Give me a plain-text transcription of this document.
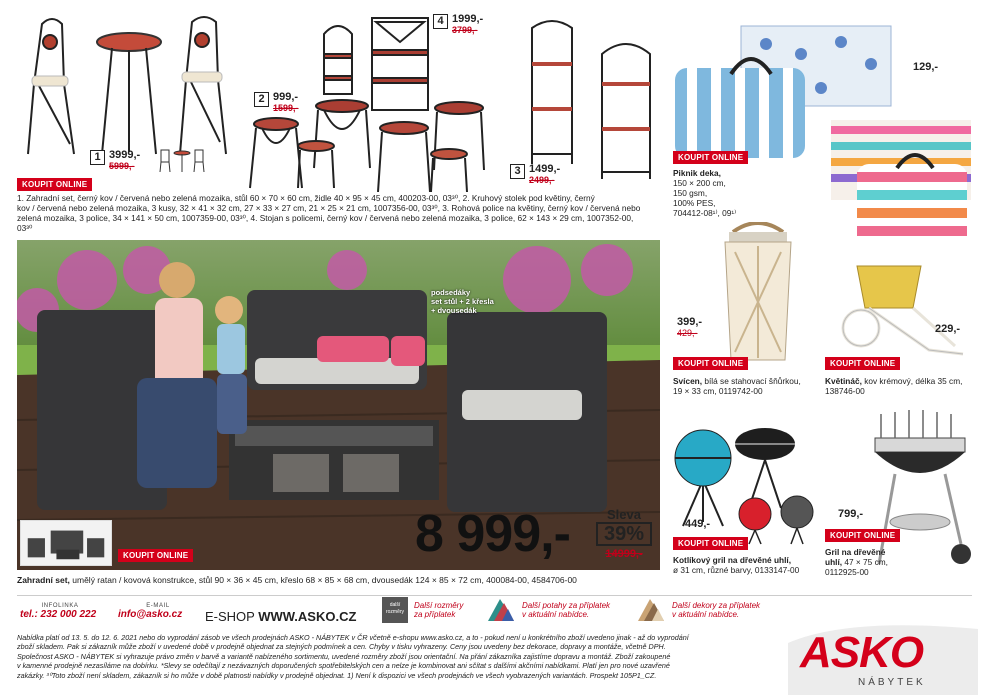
1 3999,-
5999,-
KOUPIT ONLINE
2 999,-
1599,-
4 1999,-
3799,-
3 1499,-
2499,-
1. Zahradní set, černý kov / červená nebo zelená mozaika, stůl 60 × 70 × 60 cm, židle 40 × 95 × 45 cm, 400203-00, 03³⁰, 2. Kruhový stolek pod květiny, černý
kov / červená nebo zelená mozaika, 3 kusy, 32 × 41 × 32 cm, 27 × 33 × 27 cm, 21 × 25 × 21 cm, 1007356-00, 03³⁰, 3. Rohová police na květiny, černý kov / červená nebo
zelená mozaika, 3 police, 34 × 141 × 50 cm, 1007359-00, 03³⁰, 4. Stojan s policemi, černý kov / červená nebo zelená mozaika, 3 police, 62 × 143 × 29 cm, 1007352-00,
03³⁰
podsedáky
set stůl + 2 křesla
+ dvousedák
KOUPIT ONLINE	8 999,-	Sleva
39%
14999,-
Zahradní set, umělý ratan / kovová konstrukce, stůl 90 × 36 × 45 cm, křeslo 68 × 85 × 68 cm, dvousedák 124 × 85 × 72 cm, 400084-00, 4584706-00
129,-
KOUPIT ONLINE
Piknik deka,
150 × 200 cm,
150 gsm,
100% PES,
704412-08¹⁾, 09¹⁾
399,-
429,-
KOUPIT ONLINE
Svícen, bílá se stahovací šňůrkou,
19 × 33 cm, 0119742-00
229,-
KOUPIT ONLINE
Květináč, kov krémový, délka 35 cm,
138746-00
449,-
KOUPIT ONLINE
Kotlíkový gril na dřevěné uhlí,
ø 31 cm, různé barvy, 0133147-00
799,-
KOUPIT ONLINE
Gril na dřevěné
uhlí, 47 × 75 cm,
0112925-00
INFOLINKA
tel.: 232 000 222
E-MAIL
info@asko.cz	E-SHOP WWW.ASKO.CZ
další rozměry
Další rozměry
za příplatek
Další potahy za příplatek
v aktuální nabídce.
Další dekory za příplatek
v aktuální nabídce.
Nabídka platí od 13. 5. do 12. 6. 2021 nebo do vyprodání zásob ve všech prodejnách ASKO - NÁBYTEK v ČR včetně e-shopu www.asko.cz, a to - pokud není u konkrétního zboží uvedeno jinak - až do vyprodání
zboží skladem. Pak si zákazník může zboží v uvedené době v prodejně objednat za stejných podmínek a cen. Chyby v tisku vyhrazeny. Ceny jsou uvedeny bez dekorace, dopravy a montáže, včetně DPH.
Společnost ASKO - NÁBYTEK si vyhrazuje právo změn v barvě a variantě nabízeného sortimentu, uvedené rozměry zboží jsou orientační. Na přání zákazníka zajistíme dopravu a montáž. Zboží zakoupené
v kamenné prodejně nezasíláme na dobírku. *Slevy se odečítají z nezávazných doporučených spotřebitelských cen a nelze je kombinovat ani sčítat s dalšími akčními nabídkami. Platí jen pro nové uzavřené
zakázky. ³⁰Toto zboží není skladem, zákazník si ho může v době platnosti nabídky v prodejně objednat. 1) Není k dispozici ve všech prodejnách ve všech vyobrazených variantách. Prospekt 105P1_CZ.	ASKO
NÁBYTEK
